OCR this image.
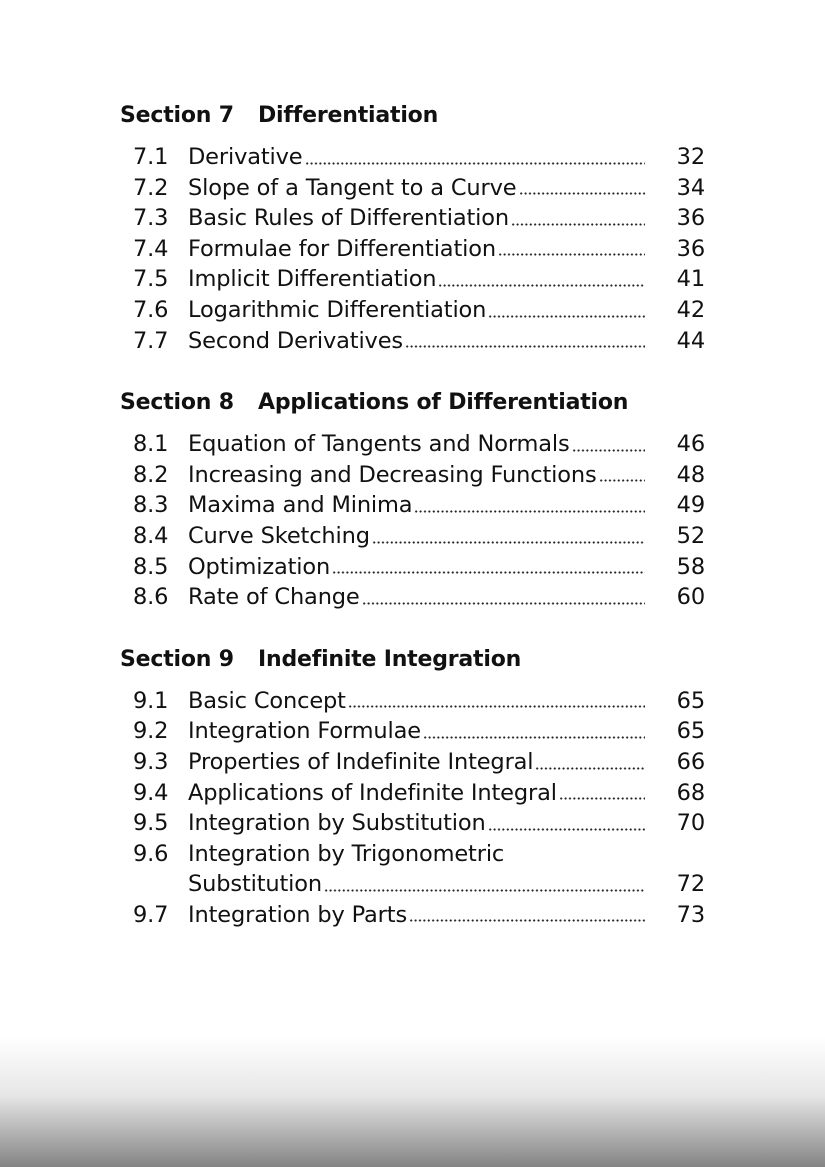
Section 7	Differentiation
7.1 Derivative	32
7.2 Slope of a Tangent to a Curve	34
7.3 Basic Rules of Differentiation	36
7.4 Formulae for Differentiation	36
7.5 Implicit Differentiation	41
7.6 Logarithmic Differentiation	42
7.7 Second Derivatives	44
Section 8	Applications of Differentiation
8.1 Equation of Tangents and Normals	46
8.2 Increasing and Decreasing Functions	48
8.3 Maxima and Minima	49
8.4 Curve Sketching	52
8.5 Optimization	58
8.6 Rate of Change	60
Section 9	Indefinite Integration
9.1 Basic Concept	65
9.2 Integration Formulae	65
9.3 Properties of Indefinite Integral	66
9.4 Applications of Indefinite Integral	68
9.5 Integration by Substitution	70
9.6 Integration by Trigonometric
Substitution	72
9.7 Integration by Parts	73
